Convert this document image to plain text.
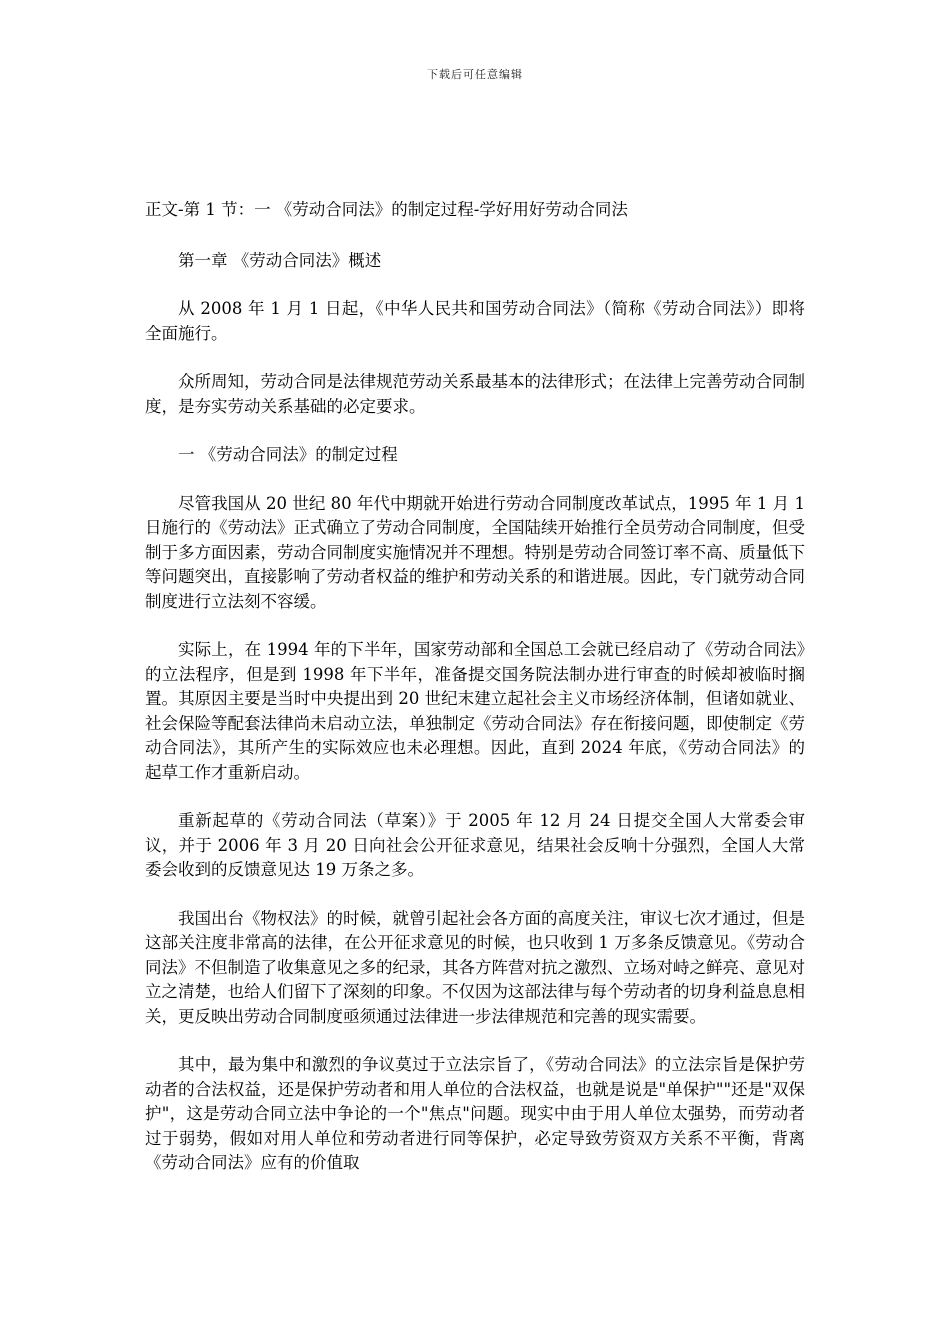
下载后可任意编辑

正文-第 1 节：一 《劳动合同法》的制定过程-学好用好劳动合同法

第一章 《劳动合同法》概述

从 2008 年 1 月 1 日起，《中华人民共和国劳动合同法》（简称《劳动合同法》）即将全面施行。

众所周知，劳动合同是法律规范劳动关系最基本的法律形式；在法律上完善劳动合同制度，是夯实劳动关系基础的必定要求。

一 《劳动合同法》的制定过程

尽管我国从 20 世纪 80 年代中期就开始进行劳动合同制度改革试点，1995 年 1 月 1 日施行的《劳动法》正式确立了劳动合同制度，全国陆续开始推行全员劳动合同制度，但受制于多方面因素，劳动合同制度实施情况并不理想。特别是劳动合同签订率不高、质量低下等问题突出，直接影响了劳动者权益的维护和劳动关系的和谐进展。因此，专门就劳动合同制度进行立法刻不容缓。

实际上，在 1994 年的下半年，国家劳动部和全国总工会就已经启动了《劳动合同法》的立法程序，但是到 1998 年下半年，准备提交国务院法制办进行审查的时候却被临时搁置。其原因主要是当时中央提出到 20 世纪末建立起社会主义市场经济体制，但诸如就业、社会保险等配套法律尚未启动立法，单独制定《劳动合同法》存在衔接问题，即使制定《劳动合同法》，其所产生的实际效应也未必理想。因此，直到 2024 年底，《劳动合同法》的起草工作才重新启动。

重新起草的《劳动合同法（草案）》于 2005 年 12 月 24 日提交全国人大常委会审议，并于 2006 年 3 月 20 日向社会公开征求意见，结果社会反响十分强烈，全国人大常委会收到的反馈意见达 19 万条之多。

我国出台《物权法》的时候，就曾引起社会各方面的高度关注，审议七次才通过，但是这部关注度非常高的法律，在公开征求意见的时候，也只收到 1 万多条反馈意见。《劳动合同法》不但制造了收集意见之多的纪录，其各方阵营对抗之激烈、立场对峙之鲜亮、意见对立之清楚，也给人们留下了深刻的印象。不仅因为这部法律与每个劳动者的切身利益息息相关，更反映出劳动合同制度亟须通过法律进一步法律规范和完善的现实需要。

其中，最为集中和激烈的争议莫过于立法宗旨了，《劳动合同法》的立法宗旨是保护劳动者的合法权益，还是保护劳动者和用人单位的合法权益，也就是说是"单保护""还是"双保护"，这是劳动合同立法中争论的一个"焦点"问题。现实中由于用人单位太强势，而劳动者过于弱势，假如对用人单位和劳动者进行同等保护，必定导致劳资双方关系不平衡，背离《劳动合同法》应有的价值取
